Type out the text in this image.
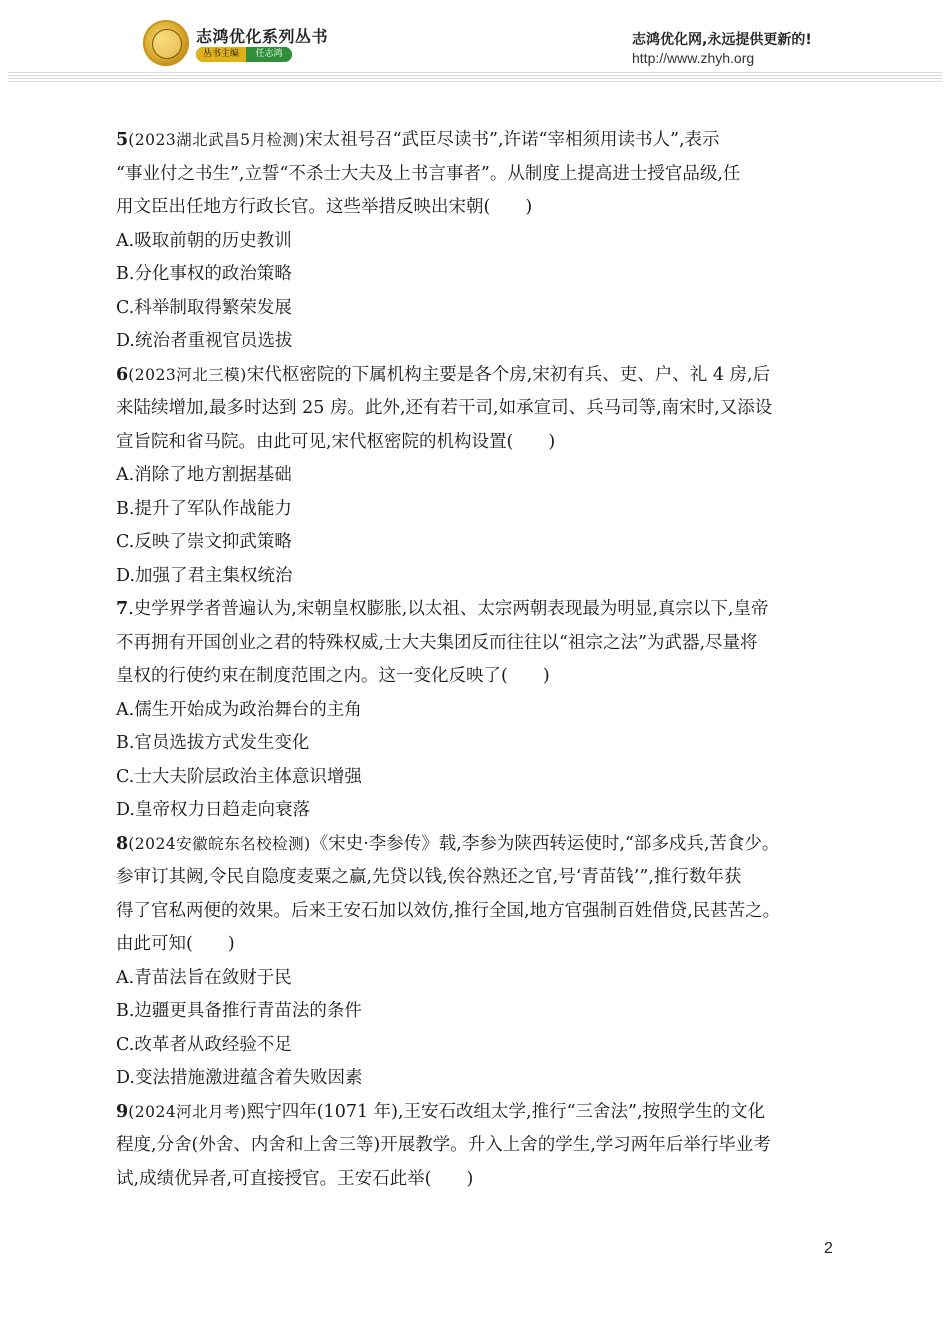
志鸿优化系列丛书
丛书主编	任志鸿
志鸿优化网,永远提供更新的!
http://www.zhyh.org
5(2023湖北武昌5月检测)宋太祖号召“武臣尽读书”,许诺“宰相须用读书人”,表示
“事业付之书生”,立誓“不杀士大夫及上书言事者”。从制度上提高进士授官品级,任
用文臣出任地方行政长官。这些举措反映出宋朝(　　)
A.吸取前朝的历史教训
B.分化事权的政治策略
C.科举制取得繁荣发展
D.统治者重视官员选拔
6(2023河北三模)宋代枢密院的下属机构主要是各个房,宋初有兵、吏、户、礼 4 房,后
来陆续增加,最多时达到 25 房。此外,还有若干司,如承宣司、兵马司等,南宋时,又添设
宣旨院和省马院。由此可见,宋代枢密院的机构设置(　　)
A.消除了地方割据基础
B.提升了军队作战能力
C.反映了崇文抑武策略
D.加强了君主集权统治
7.史学界学者普遍认为,宋朝皇权膨胀,以太祖、太宗两朝表现最为明显,真宗以下,皇帝
不再拥有开国创业之君的特殊权威,士大夫集团反而往往以“祖宗之法”为武器,尽量将
皇权的行使约束在制度范围之内。这一变化反映了(　　)
A.儒生开始成为政治舞台的主角
B.官员选拔方式发生变化
C.士大夫阶层政治主体意识增强
D.皇帝权力日趋走向衰落
8(2024安徽皖东名校检测)《宋史·李参传》载,李参为陕西转运使时,“部多戍兵,苦食少。
参审订其阙,令民自隐度麦粟之赢,先贷以钱,俟谷熟还之官,号‘青苗钱’”,推行数年获
得了官私两便的效果。后来王安石加以效仿,推行全国,地方官强制百姓借贷,民甚苦之。
由此可知(　　)
A.青苗法旨在敛财于民
B.边疆更具备推行青苗法的条件
C.改革者从政经验不足
D.变法措施激进蕴含着失败因素
9(2024河北月考)熙宁四年(1071 年),王安石改组太学,推行“三舍法”,按照学生的文化
程度,分舍(外舍、内舍和上舍三等)开展教学。升入上舍的学生,学习两年后举行毕业考
试,成绩优异者,可直接授官。王安石此举(　　)
2
